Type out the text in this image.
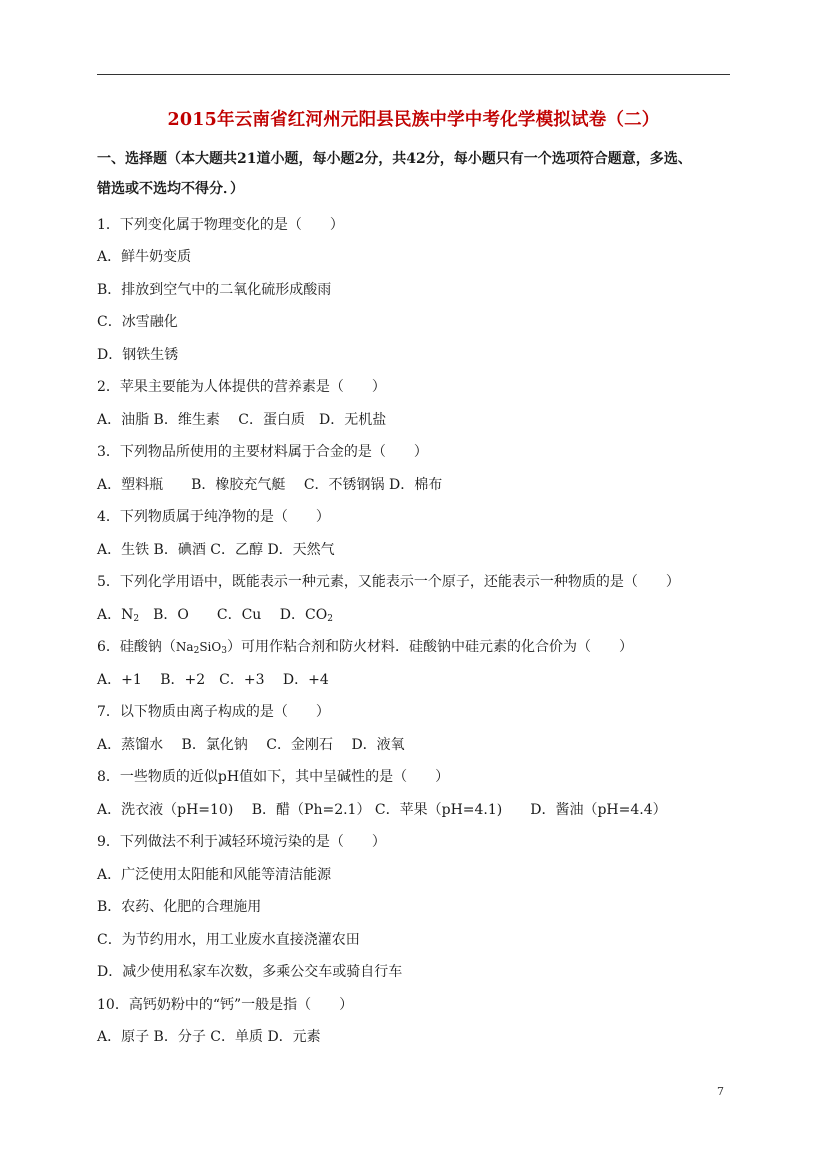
2015年云南省红河州元阳县民族中学中考化学模拟试卷（二）
一、选择题（本大题共21道小题，每小题2分，共42分，每小题只有一个选项符合题意，多选、
错选或不选均不得分．）
1．下列变化属于物理变化的是（　　）
A．鲜牛奶变质
B．排放到空气中的二氧化硫形成酸雨
C．冰雪融化
D．钢铁生锈
2．苹果主要能为人体提供的营养素是（　　）
A．油脂 B．维生素　 C．蛋白质　D．无机盐
3．下列物品所使用的主要材料属于合金的是（　　）
A．塑料瓶　　B．橡胶充气艇　 C．不锈钢锅 D．棉布
4．下列物质属于纯净物的是（　　）
A．生铁 B．碘酒 C．乙醇 D．天然气
5．下列化学用语中，既能表示一种元素，又能表示一个原子，还能表示一种物质的是（　　）
A．$N_2$　B．O　　C．Cu　 D．$CO_2$
6．硅酸钠$(Na_2SiO_3)$可用作粘合剂和防火材料．硅酸钠中硅元素的化合价为（　　）
A．+1　 B．+2　C．+3　 D．+4
7．以下物质由离子构成的是（　　）
A．蒸馏水　 B．氯化钠　 C．金刚石　 D．液氧
8．一些物质的近似pH值如下，其中呈碱性的是（　　）
A．洗衣液（pH=10)　 B．醋（Ph=2.1） C．苹果（pH=4.1)　　D．酱油（pH=4.4）
9．下列做法不利于减轻环境污染的是（　　）
A．广泛使用太阳能和风能等清洁能源
B．农药、化肥的合理施用
C．为节约用水，用工业废水直接浇灌农田
D．减少使用私家车次数，多乘公交车或骑自行车
10．高钙奶粉中的“钙”一般是指（　　）
A．原子 B．分子 C．单质 D．元素
7
